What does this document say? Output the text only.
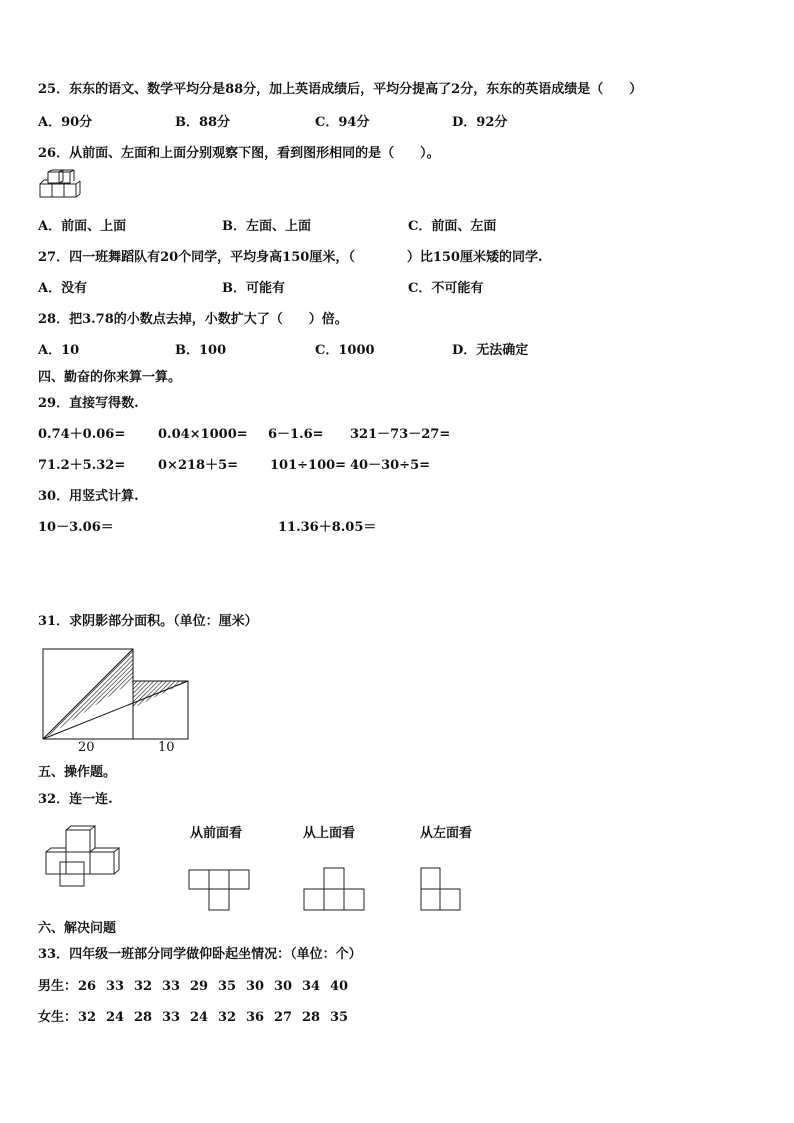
25．东东的语文、数学平均分是88分，加上英语成绩后，平均分提高了2分，东东的英语成绩是（　　）
A．90分	B．88分	C．94分	D．92分
26．从前面、左面和上面分别观察下图，看到图形相同的是（　　）。
A．前面、上面	B．左面、上面	C．前面、左面
27．四一班舞蹈队有20个同学，平均身高150厘米，（　　　　）比150厘米矮的同学.
A．没有	B．可能有	C．不可能有
28．把3.78的小数点去掉，小数扩大了（　　）倍。
A．10	B．100	C．1000	D．无法确定
四、勤奋的你来算一算。
29．直接写得数.
0.74＋0.06=	0.04×1000= 6－1.6= 321－73－27=
71.2＋5.32=	0×218＋5= 101÷100= 40－30÷5=
30．用竖式计算.
10－3.06＝	11.36＋8.05＝
31．求阴影部分面积。（单位：厘米）
20	10
五、操作题。
32．连一连.
从前面看	从上面看	从左面看
六、解决问题
33．四年级一班部分同学做仰卧起坐情况：（单位：个）
男生： 26 33 32 33 29 35 30 30 34 40
女生： 32 24 28 33 24 32 36 27 28 35
